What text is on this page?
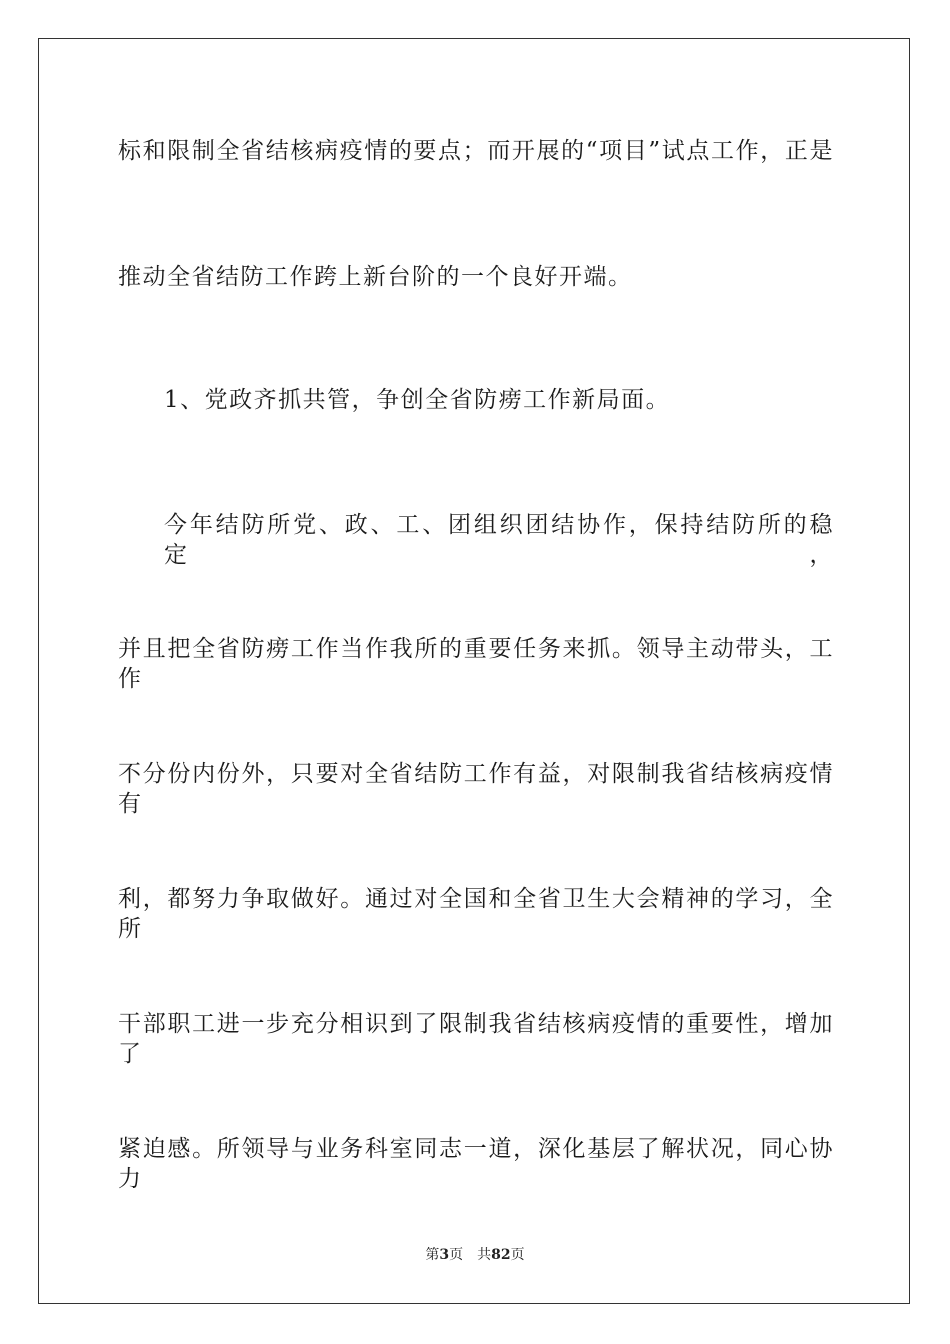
标和限制全省结核病疫情的要点；而开展的“项目”试点工作，正是
推动全省结防工作跨上新台阶的一个良好开端。
1、党政齐抓共管，争创全省防痨工作新局面。
今年结防所党、政、工、团组织团结协作，保持结防所的稳定，
并且把全省防痨工作当作我所的重要任务来抓。领导主动带头，工作
不分份内份外，只要对全省结防工作有益，对限制我省结核病疫情有
利，都努力争取做好。通过对全国和全省卫生大会精神的学习，全所
干部职工进一步充分相识到了限制我省结核病疫情的重要性，增加了
紧迫感。所领导与业务科室同志一道，深化基层了解状况，同心协力
第3页 共82页
